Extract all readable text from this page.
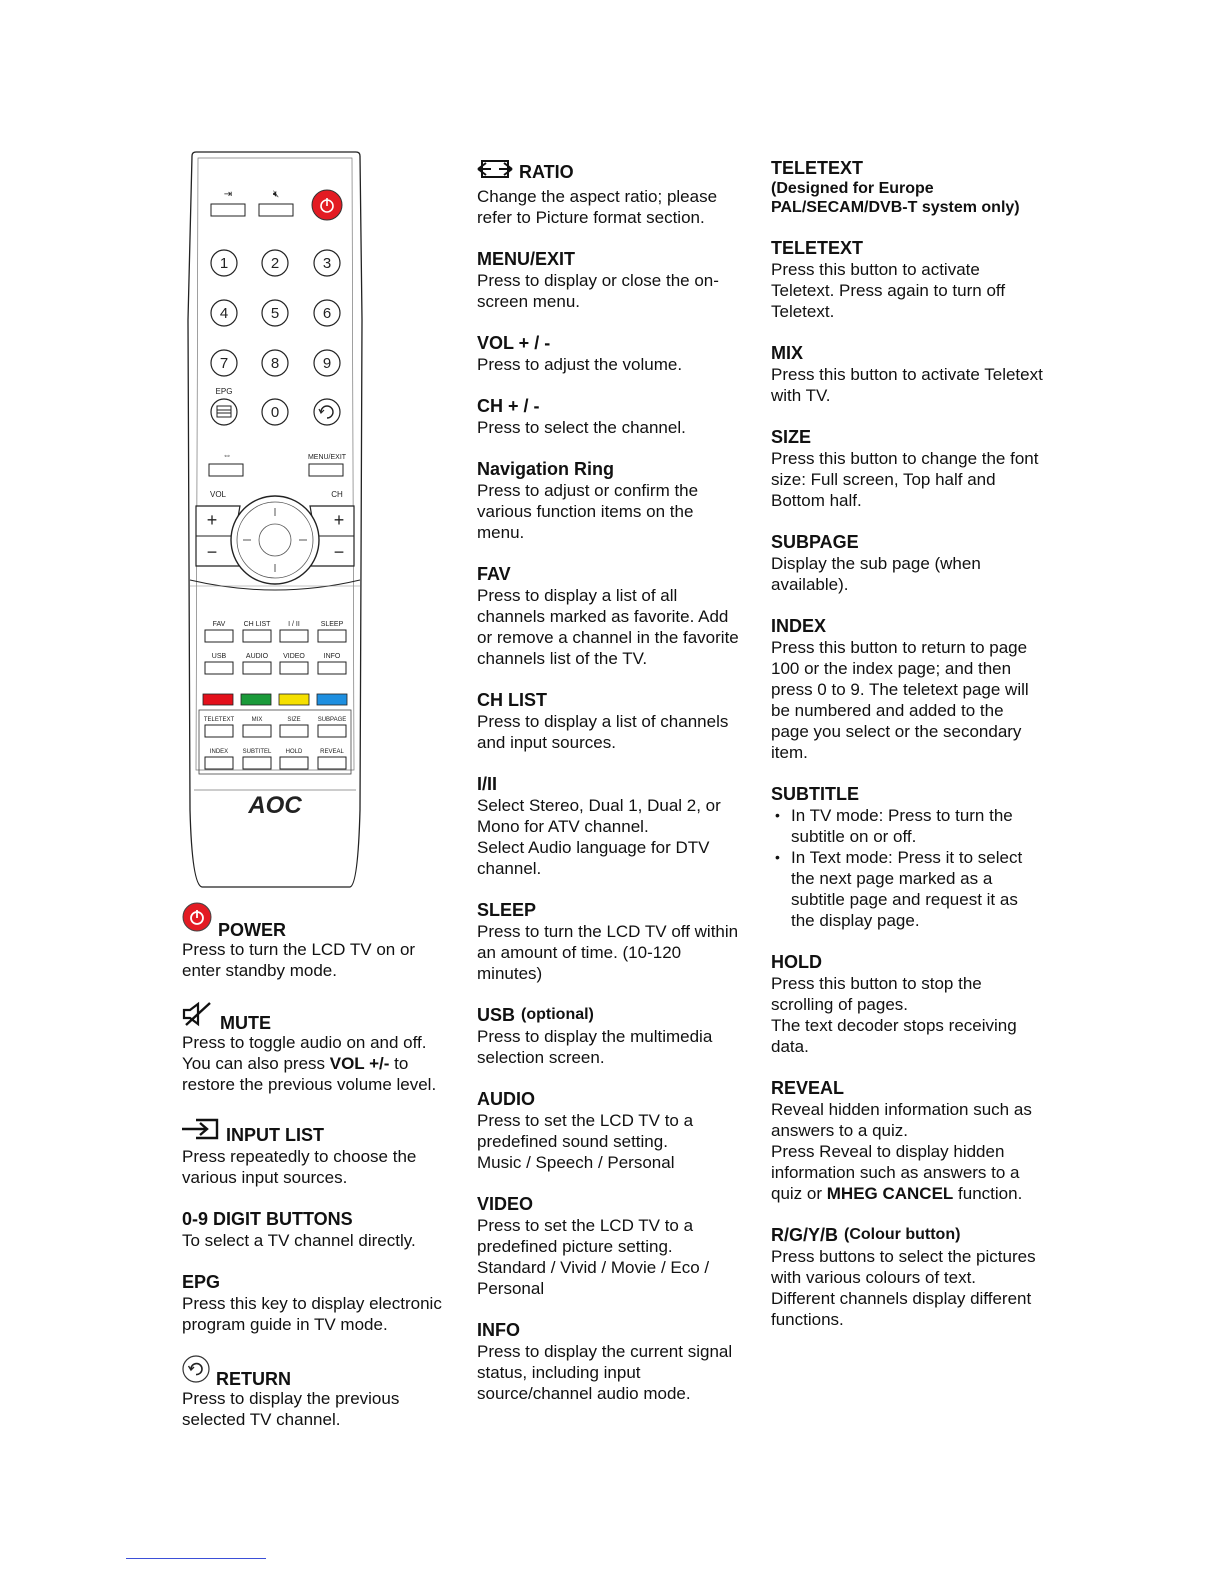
⇥	🔇︎
1	2	3
4	5	6
7	8	9
0
EPG
⇔	MENU/EXIT
VOL	CH
+
−
+
−
FAV	CH LIST	I / II	SLEEP
USB	AUDIO VIDEO	INFO
TELETEXT	MIX	SIZE	SUBPAGE
INDEX SUBTITEL HOLD	REVEAL
AOC
POWER
Press to turn the LCD TV on or enter standby mode.
MUTE
Press to toggle audio on and off. You can also press VOL +/- to restore the previous volume level.
INPUT LIST
Press repeatedly to choose the various input sources.
0-9 DIGIT BUTTONS
To select a TV channel directly.
EPG
Press this key to display electronic program guide in TV mode.
RETURN
Press to display the previous selected TV channel.
RATIO
Change the aspect ratio; please refer to Picture format section.
MENU/EXIT
Press to display or close the on-screen menu.
VOL + / -
Press to adjust the volume.
CH + / -
Press to select the channel.
Navigation Ring
Press to adjust or confirm the various function items on the menu.
FAV
Press to display a list of all channels marked as favorite. Add or remove a channel in the favorite channels list of the TV.
CH LIST
Press to display a list of channels and input sources.
I/II
Select Stereo, Dual 1, Dual 2, or Mono for ATV channel.
Select Audio language for DTV channel.
SLEEP
Press to turn the LCD TV off within an amount of time. (10-120 minutes)
USB (optional)
Press to display the multimedia selection screen.
AUDIO
Press to set the LCD TV to a predefined sound setting.
Music / Speech / Personal
VIDEO
Press to set the LCD TV to a predefined picture setting.
Standard / Vivid / Movie / Eco / Personal
INFO
Press to display the current signal status, including input source/channel audio mode.
TELETEXT
(Designed for Europe
PAL/SECAM/DVB-T system only)
TELETEXT
Press this button to activate Teletext. Press again to turn off Teletext.
MIX
Press this button to activate Teletext with TV.
SIZE
Press this button to change the font size: Full screen, Top half and Bottom half.
SUBPAGE
Display the sub page (when available).
INDEX
Press this button to return to page 100 or the index page; and then press 0 to 9. The teletext page will be numbered and added to the page you select or the secondary item.
SUBTITLE
• In TV mode: Press to turn the subtitle on or off.
• In Text mode: Press it to select the next page marked as a subtitle page and request it as the display page.
HOLD
Press this button to stop the scrolling of pages.
The text decoder stops receiving data.
REVEAL
Reveal hidden information such as answers to a quiz.
Press Reveal to display hidden information such as answers to a quiz or MHEG CANCEL function.
R/G/Y/B (Colour button)
Press buttons to select the pictures with various colours of text. Different channels display different functions.
